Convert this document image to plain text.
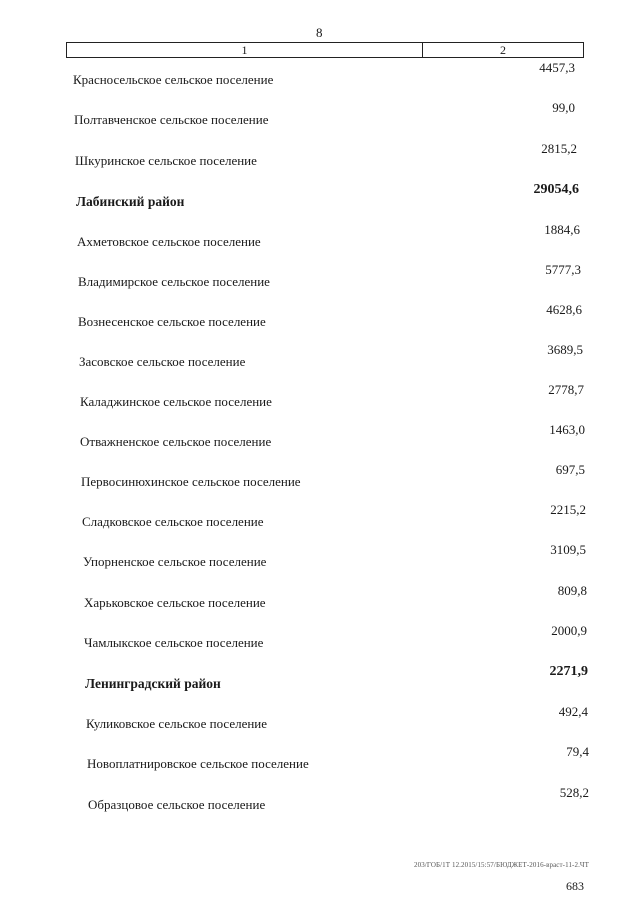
8
1	2
Красносельское сельское поселение
4457,3
Полтавченское сельское поселение
99,0
Шкуринское сельское поселение
2815,2
Лабинский район
29054,6
Ахметовское сельское поселение
1884,6
Владимирское сельское поселение
5777,3
Вознесенское сельское поселение
4628,6
Засовское сельское поселение
3689,5
Каладжинское сельское поселение
2778,7
Отважненское сельское поселение
1463,0
Первосинюхинское сельское поселение
697,5
Сладковское сельское поселение
2215,2
Упорненское сельское поселение
3109,5
Харьковское сельское поселение
809,8
Чамлыкское сельское поселение
2000,9
Ленинградский район
2271,9
Куликовское сельское поселение
492,4
Новоплатнировское сельское поселение
79,4
Образцовое сельское поселение
528,2
203/ГОБ/1Т 12.2015/15:57/БЮДЖЕТ-2016-враст-11-2.ЧТ
683
